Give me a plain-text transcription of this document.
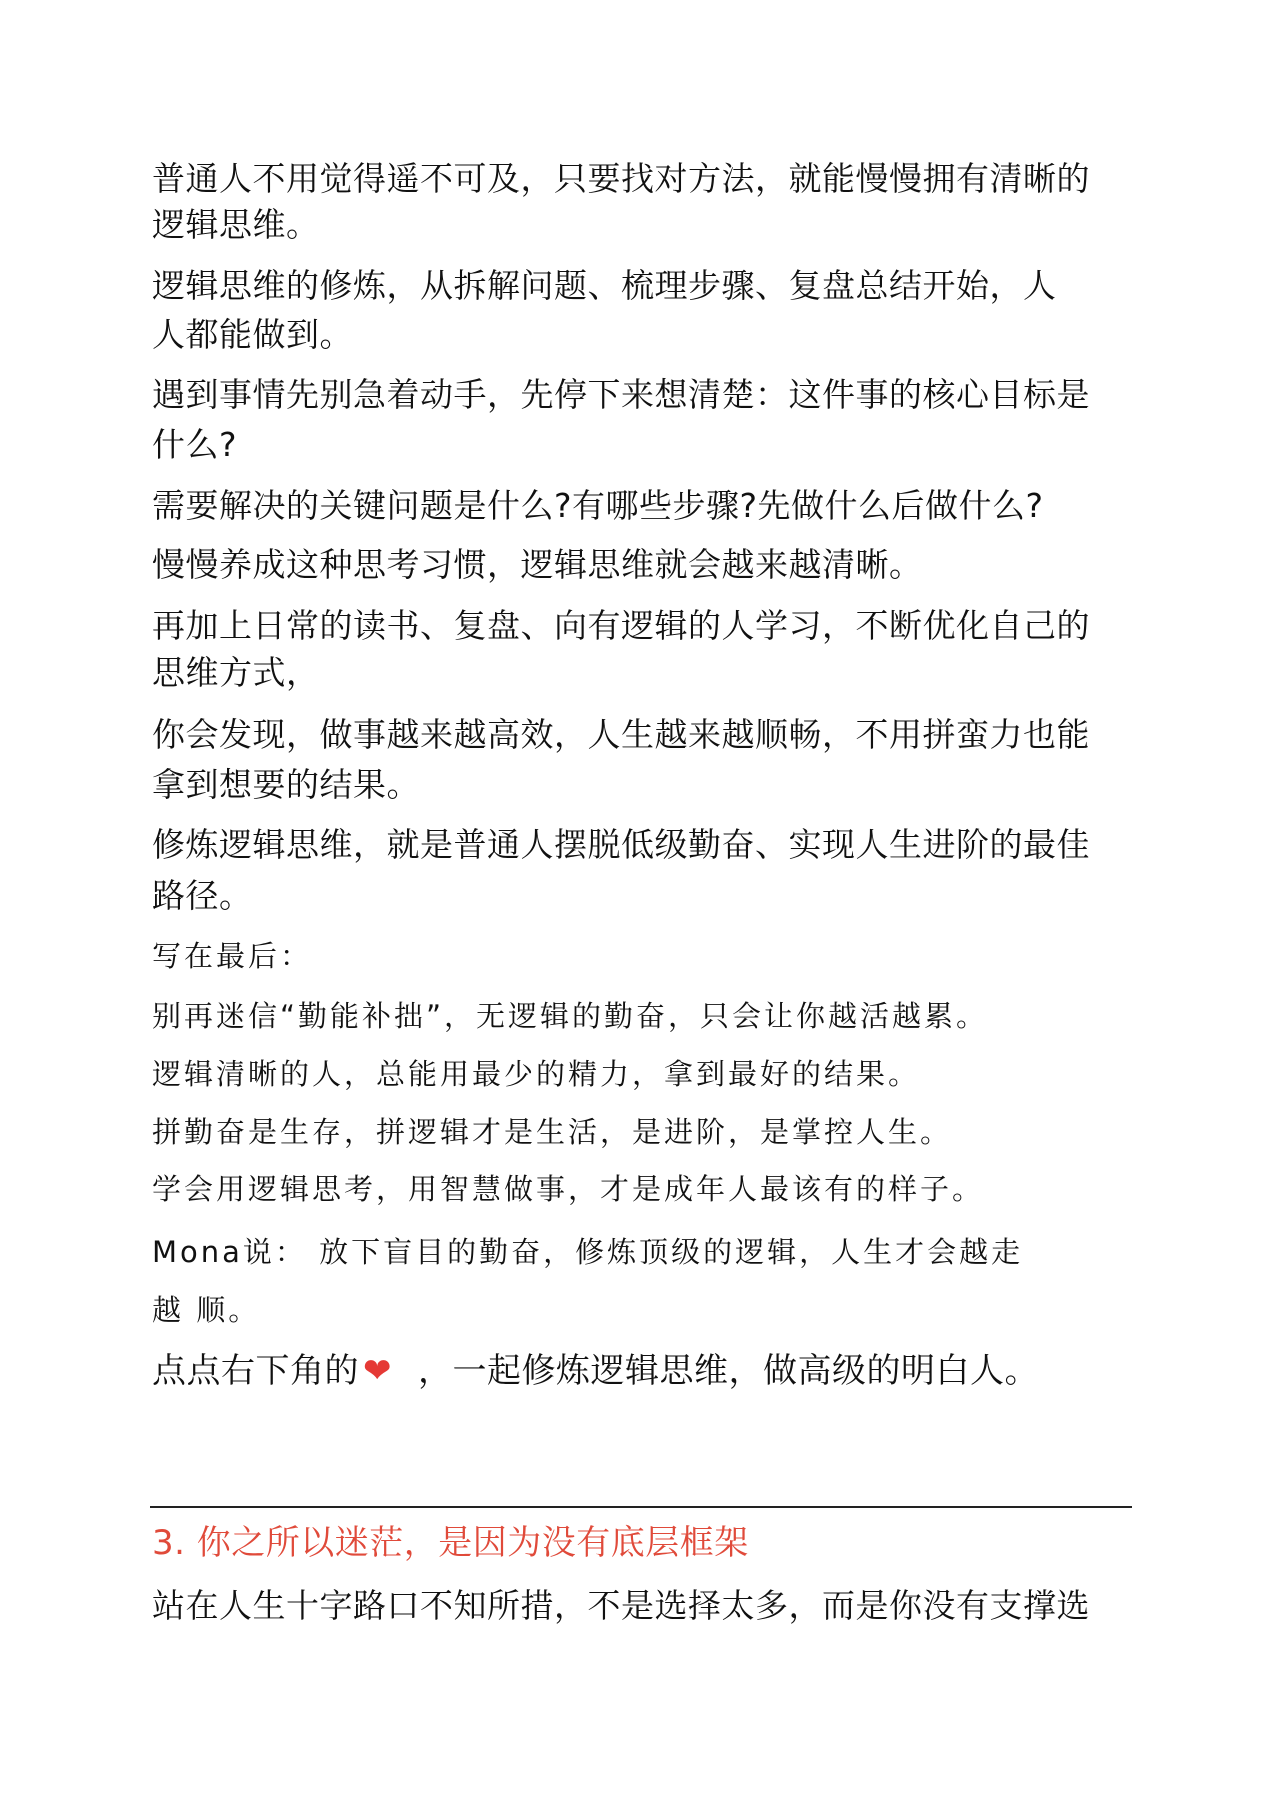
普通人不用觉得遥不可及，只要找对方法，就能慢慢拥有清晰的

逻辑思维。

逻辑思维的修炼，从拆解问题、梳理步骤、复盘总结开始，人

人都能做到。

遇到事情先别急着动手，先停下来想清楚：这件事的核心目标是

什么?

需要解决的关键问题是什么?有哪些步骤?先做什么后做什么?

慢慢养成这种思考习惯，逻辑思维就会越来越清晰。

再加上日常的读书、复盘、向有逻辑的人学习，不断优化自己的

思维方式，

你会发现，做事越来越高效，人生越来越顺畅，不用拼蛮力也能

拿到想要的结果。

修炼逻辑思维，就是普通人摆脱低级勤奋、实现人生进阶的最佳

路径。

写在最后：

别再迷信“勤能补拙”，无逻辑的勤奋，只会让你越活越累。

逻辑清晰的人，总能用最少的精力，拿到最好的结果。

拼勤奋是生存，拼逻辑才是生活，是进阶，是掌控人生。

学会用逻辑思考，用智慧做事，才是成年人最该有的样子。

Mona说： 放下盲目的勤奋，修炼顶级的逻辑，人生才会越走

越 顺。

点点右下角的 ❤ ，一起修炼逻辑思维，做高级的明白人。

3. 你之所以迷茫，是因为没有底层框架

站在人生十字路口不知所措，不是选择太多，而是你没有支撑选
